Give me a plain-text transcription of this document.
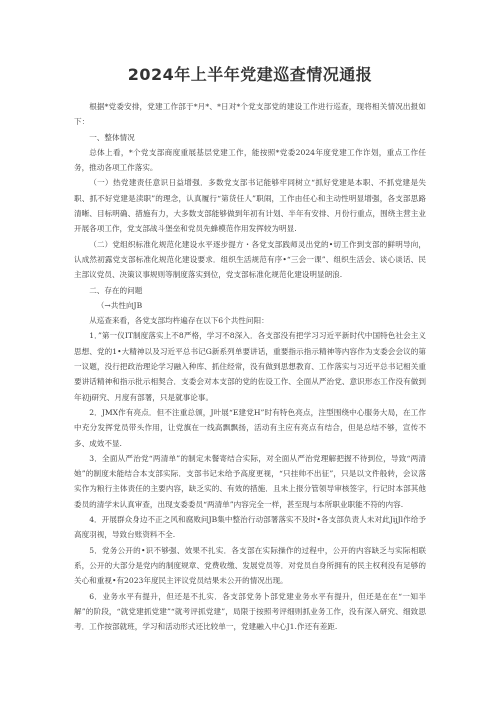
2024年上半年党建巡查情况通报

根据*党委安排，党建工作部于*月*、*日对*个党支部党的建设工作进行巡查，现将相关情况出报如下：

一、整体情况

总体上看，*个党支部商度重展基层党建工作，能按照*党委2024年度党建工作诈划，重点工作任务，推动各项工作落实。

（一）热党建责任意识日益增强．多数党支部书记能够牢同树立“抓好党建是本职、不抓党建是失职、抓不好党建是渎职”的理念，认真履行“第货任人”职闹，工作由任心和主动性明显增强，各支部思路清晰、目标明确、措施有力，大多数支部能够做到年初有计划、半年有安排、月份行重点，围绕主营主业开展各项工作，党支部战斗堡垒和党员先蜂模范作用发挥较为明显.

（二）党组织标准化规范化建设水平逐步提方・各党支部践师灵出党的•切工作到支部的鲜明导向，认成然初露党支部标准化规范化建设要求．组织生活规范有序•“三会一课”、组织生活会、谈心谈话、民主部议党员、决策议事规则等制度落实到位，党支部标准化规范化建设明显朗浪.

二、存在的问题

（→共性向JB

从巡查来看，各党支部均杵遍存在以下6个共性问阳：

1．”第一仪IT制度落实上不8严格，学习不8深入．各支部没有把学习习近平新时代中国特色社会主义思想、党的1•大精神以及习近平总书记G新系列单要讲话，重要指示指示精神等内容作为支委会会议的第一议题，没行把政治理论学习融入种库、抓住经常，没有做到思想教育、工作落实与习近平总书记相关重要讲话精神和指示批示相契合．支委会对本支部的党的佐设工作、全面从严治党、意识形态工作没有做到年初j研究、月度有部署，只是就事论事。

2．JMX作有亮点．但不注重总颁，J叶展“E建党H”时有特色亮点，注型围绕中心服务大局，在工作中充分发挥党员带头作用，让党旗在一线高飘飘扬，活动有主应有亮点有结合，但是总结不够，宣传不多、成效不显.

3．全面从严治党“两清单”的制定未餐寄结合实际，对全面从严治党理解把握不待到位，导致“两清她”的制度未能结合本支部实际．支部书记未给予高度更视，“只挂帅不出征”，只是以文件般转，会议落实作为粮行主体责任的主要内容，缺乏实的、有效的措施．且未上报分管领导审核签字，行记时本部其他委员的清学未认真审查，出现支委委员“两清单”内容完全一样，甚至现与本所职业职能不符的内容.

4．开展群众身边不正之风和腐败问JB集中整治行动部署落实不及时•各支部负责人未对此JijJl作给予高度羽视，导致台账资料不全.

5．党务公开的•识不够强、效果不扎实．各支部在实际操作的过程中，公开的内容缺乏与实际相联系，公开的大部分是党内的制度规章、党费收缴、发展党员等．对党员自身所拥有的民主权利没有足够的关心和重视•有2023年度民主评议党员结果未公开的情况出现。

6．业务水平有提升，但还是不扎实．各支部党务卜部党建业务水平有提升，但还是在在“一知半解”的阶段，“就党建抓党建”“就考评抓党建”，局限于按照考评细则抓业务工作，没有深入研究、细致思考．工作按部就班，学习和活动形式还比较单一，党建融入中心J1.作还有差距.
